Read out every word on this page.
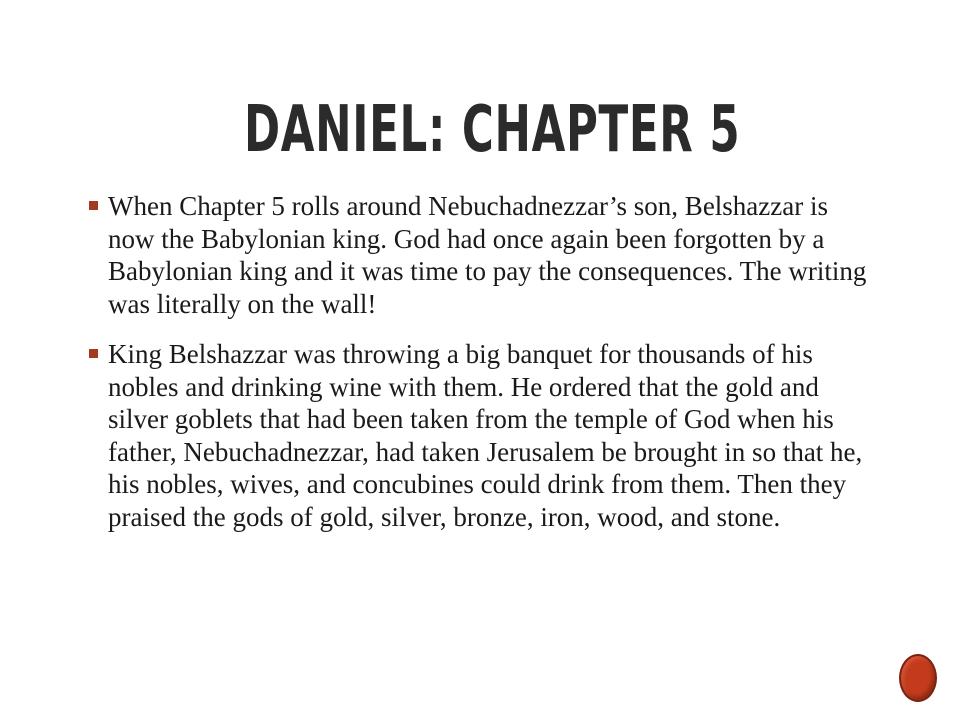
DANIEL: CHAPTER 5
When Chapter 5 rolls around Nebuchadnezzar’s son, Belshazzar is now the Babylonian king. God had once again been forgotten by a Babylonian king and it was time to pay the consequences. The writing was literally on the wall!
King Belshazzar was throwing a big banquet for thousands of his nobles and drinking wine with them. He ordered that the gold and silver goblets that had been taken from the temple of God when his father, Nebuchadnezzar, had taken Jerusalem be brought in so that he, his nobles, wives, and concubines could drink from them. Then they praised the gods of gold, silver, bronze, iron, wood, and stone.
